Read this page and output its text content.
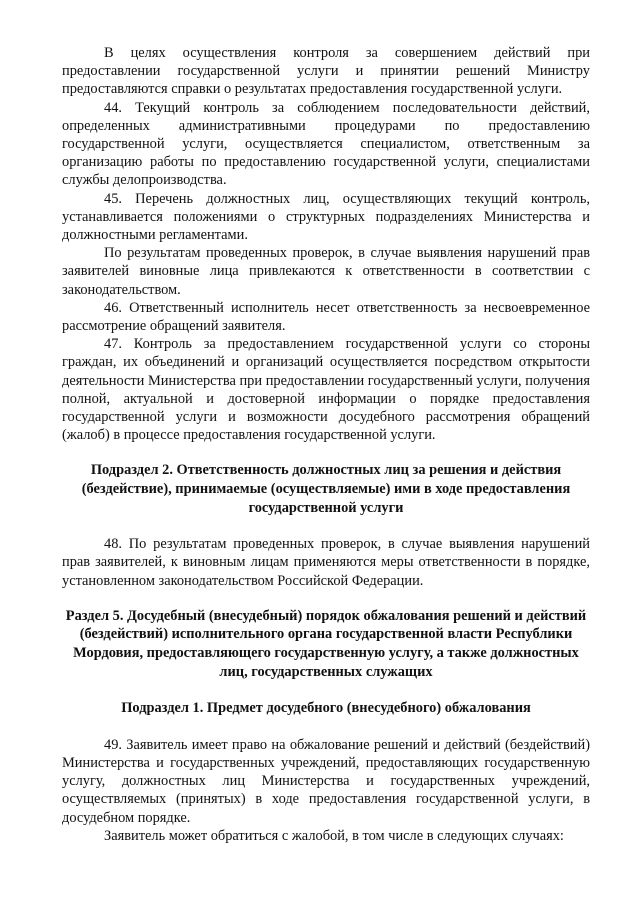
В целях осуществления контроля за совершением действий при предоставлении государственной услуги и принятии решений Министру предоставляются справки о результатах предоставления государственной услуги.

44. Текущий контроль за соблюдением последовательности действий, определенных административными процедурами по предоставлению государственной услуги, осуществляется специалистом, ответственным за организацию работы по предоставлению государственной услуги, специалистами службы делопроизводства.

45. Перечень должностных лиц, осуществляющих текущий контроль, устанавливается положениями о структурных подразделениях Министерства и должностными регламентами.

По результатам проведенных проверок, в случае выявления нарушений прав заявителей виновные лица привлекаются к ответственности в соответствии с законодательством.

46. Ответственный исполнитель несет ответственность за несвоевременное рассмотрение обращений заявителя.

47. Контроль за предоставлением государственной услуги со стороны граждан, их объединений и организаций осуществляется посредством открытости деятельности Министерства при предоставлении государственный услуги, получения полной, актуальной и достоверной информации о порядке предоставления государственной услуги и возможности досудебного рассмотрения обращений (жалоб) в процессе предоставления государственной услуги.

Подраздел 2. Ответственность должностных лиц за решения и действия (бездействие), принимаемые (осуществляемые) ими в ходе предоставления государственной услуги

48. По результатам проведенных проверок, в случае выявления нарушений прав заявителей, к виновным лицам применяются меры ответственности в порядке, установленном законодательством Российской Федерации.

Раздел 5. Досудебный (внесудебный) порядок обжалования решений и действий (бездействий) исполнительного органа государственной власти Республики Мордовия, предоставляющего государственную услугу, а также должностных лиц, государственных служащих
Подраздел 1. Предмет досудебного (внесудебного) обжалования

49. Заявитель имеет право на обжалование решений и действий (бездействий) Министерства и государственных учреждений, предоставляющих государственную услугу, должностных лиц Министерства и государственных учреждений, осуществляемых (принятых) в ходе предоставления государственной услуги, в досудебном порядке.

Заявитель может обратиться с жалобой, в том числе в следующих случаях:
